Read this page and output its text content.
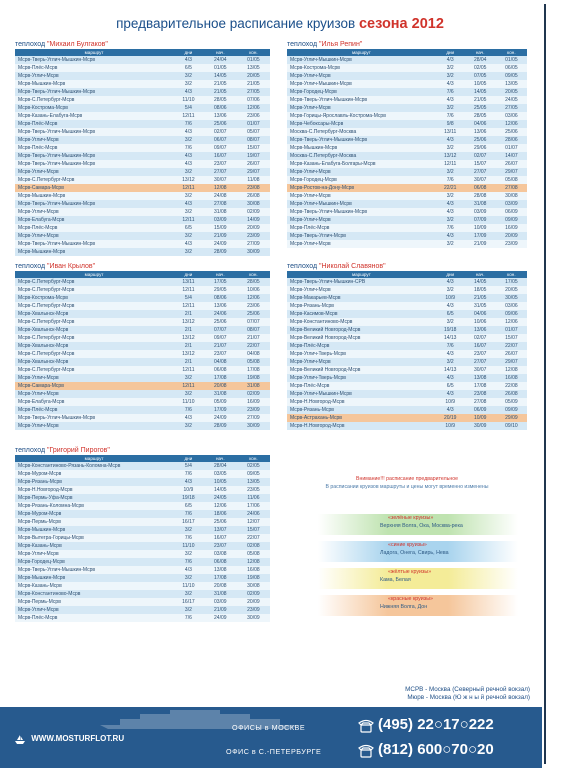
предварительное расписание круизов сезона 2012
теплоход "Михаил Булгаков"
маршрут	дни	нач.	кон.
Мсрв-Тверь-Углич-Мышкин-Мсрв	4/3	24/04	01/05
Мсрв-Плёс-Мсрв	6/5	01/05	13/05
Мсрв-Углич-Мсрв	3/2	14/05	20/05
Мсрв-Мышкин-Мсрв	3/2	21/05	21/05
Мсрв-Тверь-Углич-Мышкин-Мсрв	4/3	21/05	27/05
Мсрв-С.Петербург-Мсрв	11/10	28/05	07/06
Мсрв-Кострома-Мсрв	5/4	08/06	12/06
Мсрв-Казань-Елабуга-Мсрв	12/11	13/06	23/06
Мсрв-Плёс-Мсрв	7/6	25/06	01/07
Мсрв-Тверь-Углич-Мышкин-Мсрв	4/3	02/07	05/07
Мсрв-Углич-Мсрв	3/2	06/07	08/07
Мсрв-Плёс-Мсрв	7/6	09/07	15/07
Мсрв-Тверь-Углич-Мышкин-Мсрв	4/3	16/07	19/07
Мсрв-Тверь-Углич-Мышкин-Мсрв	4/3	23/07	26/07
Мсрв-Углич-Мсрв	3/2	27/07	29/07
Мсрв-С.Петербург-Мсрв	13/12	30/07	11/08
Мсрв-Самара-Мсрв	12/11	12/08	23/08
Мсрв-Мышкин-Мсрв	3/2	24/08	26/08
Мсрв-Тверь-Углич-Мышкин-Мсрв	4/3	27/08	30/08
Мсрв-Углич-Мсрв	3/2	31/08	02/09
Мсрв-Елабуга-Мсрв	12/11	03/09	14/09
Мсрв-Плёс-Мсрв	6/5	15/09	20/09
Мсрв-Углич-Мсрв	3/2	21/09	23/09
Мсрв-Тверь-Углич-Мышкин-Мсрв	4/3	24/09	27/09
Мсрв-Мышкин-Мсрв	3/2	28/09	30/09
теплоход "Илья Репин"
маршрут	дни	нач.	кон.
Мсрв-Углич-Мышкин-Мсрв	4/3	28/04	01/05
Мсрв-Кострома-Мсрв	3/2	02/05	06/05
Мсрв-Углич-Мсрв	3/2	07/05	09/05
Мсрв-Углич-Мышкин-Мсрв	4/3	10/05	13/05
Мсрв-Городец-Мсрв	7/6	14/05	20/05
Мсрв-Тверь-Углич-Мышкин-Мсрв	4/3	21/05	24/05
Мсрв-Углич-Мсрв	3/2	25/05	27/05
Мсрв-Горицы-Ярославль-Кострома-Мсрв	7/6	28/05	03/06
Мсрв-Чебоксары-Мсрв	9/8	04/06	12/06
Москва-С.Петербург-Москва	13/11	13/06	25/06
Мсрв-Тверь-Углич-Мышкин-Мсрв	4/3	25/06	28/06
Мсрв-Мышкин-Мсрв	3/2	29/06	01/07
Москва-С.Петербург-Москва	13/12	02/07	14/07
Мсрв-Казань-Елабуга-Болгары-Мсрв	12/11	15/07	26/07
Мсрв-Углич-Мсрв	3/2	27/07	29/07
Мсрв-Городец-Мсрв	7/6	30/07	05/08
Мсрв-Ростов-на-Дону-Мсрв	22/21	06/08	27/08
Мсрв-Углич-Мсрв	3/2	28/08	30/08
Мсрв-Углич-Мышкин-Мсрв	4/3	31/08	03/09
Мсрв-Тверь-Углич-Мышкин-Мсрв	4/3	03/09	06/09
Мсрв-Углич-Мсрв	3/2	07/09	09/09
Мсрв-Плёс-Мсрв	7/6	10/09	16/09
Мсрв-Тверь-Углич-Мсрв	4/3	17/09	20/09
Мсрв-Углич-Мсрв	3/2	21/09	23/09
теплоход "Иван Крылов"
маршрут	дни	нач.	кон.
Мсрв-С.Петербург-Мсрв	13/11	17/05	28/05
Мсрв-С.Петербург-Мсрв	12/11	29/05	10/06
Мсрв-Кострома-Мсрв	5/4	08/06	12/06
Мсрв-С.Петербург-Мсрв	12/11	13/06	23/06
Мсрв-Хвалынск-Мсрв	2/1	24/06	25/06
Мсрв-С.Петербург-Мсрв	13/12	25/06	07/07
Мсрв-Хвалынск-Мсрв	2/1	07/07	08/07
Мсрв-С.Петербург-Мсрв	13/12	09/07	21/07
Мсрв-Хвалынск-Мсрв	2/1	21/07	22/07
Мсрв-С.Петербург-Мсрв	13/12	23/07	04/08
Мсрв-Хвалынск-Мсрв	2/1	04/08	05/08
Мсрв-С.Петербург-Мсрв	12/11	06/08	17/08
Мсрв-Углич-Мсрв	3/2	17/08	19/08
Мсрв-Самара-Мсрв	12/11	20/08	31/08
Мсрв-Углич-Мсрв	3/2	31/08	02/09
Мсрв-Елабуга-Мсрв	11/10	05/09	16/09
Мсрв-Плёс-Мсрв	7/6	17/09	23/09
Мсрв-Тверь-Углич-Мышкин-Мсрв	4/3	24/09	27/09
Мсрв-Углич-Мсрв	3/2	28/09	30/09
теплоход "Николай Славянов"
маршрут	дни	нач.	кон.
Мсрв-Тверь-Углич-Мышкин-СРВ	4/3	14/05	17/05
Мсрв-Углич-Мсрв	3/2	18/05	20/05
Мсрв-Макарьев-Мсрв	10/9	21/05	30/05
Мсрв-Рязань-Мсрв	4/3	31/05	03/06
Мсрв-Касимов-Мсрв	6/5	04/06	09/06
Мсрв-Константиново-Мсрв	3/2	10/06	12/06
Мсрв-Великий Новгород-Мсрв	19/18	13/06	01/07
Мсрв-Великий Новгород-Мсрв	14/13	02/07	15/07
Мсрв-Плёс-Мсрв	7/6	16/07	22/07
Мсрв-Углич-Тверь-Мсрв	4/3	23/07	26/07
Мсрв-Углич-Мсрв	3/2	27/07	29/07
Мсрв-Великий Новгород-Мсрв	14/13	30/07	12/08
Мсрв-Углич-Тверь-Мсрв	4/3	13/08	16/08
Мсрв-Плёс-Мсрв	6/5	17/08	22/08
Мсрв-Углич-Мышкин-Мсрв	4/3	23/08	26/08
Мсрв-Н.Новгород-Мсрв	10/9	27/08	05/09
Мсрв-Рязань-Мсрв	4/3	06/09	09/09
Мсрв-Астрахань-Мсрв	20/19	10/09	29/09
Мсрв-Н.Новгород-Мсрв	10/9	30/09	09/10
теплоход "Григорий Пирогов"
маршрут	дни	нач.	кон.
Мсрв-Константиново-Рязань-Коломна-Мсрв	5/4	28/04	02/05
Мсрв-Муром-Мсрв	7/6	03/05	09/05
Мсрв-Рязань-Мсрв	4/3	10/05	13/05
Мсрв-Н.Новгород-Мсрв	10/9	14/05	23/05
Мсрв-Пермь-Уфа-Мсрв	19/18	24/05	11/06
Мсрв-Рязань-Коломна-Мсрв	6/5	12/06	17/06
Мсрв-Муром-Мсрв	7/6	18/06	24/06
Мсрв-Пермь-Мсрв	16/17	25/06	12/07
Мсрв-Мышкин-Мсрв	3/2	13/07	15/07
Мсрв-Вытегра-Горицы-Мсрв	7/6	16/07	22/07
Мсрв-Казань-Мсрв	11/10	23/07	02/08
Мсрв-Углич-Мсрв	3/2	03/08	05/08
Мсрв-Городец-Мсрв	7/6	06/08	12/08
Мсрв-Тверь-Углич-Мышкин-Мсрв	4/3	13/08	16/08
Мсрв-Мышкин-Мсрв	3/2	17/08	19/08
Мсрв-Казань-Мсрв	11/10	20/08	30/08
Мсрв-Константиново-Мсрв	3/2	31/08	02/09
Мсрв-Пермь-Мсрв	16/17	03/09	20/09
Мсрв-Углич-Мсрв	3/2	21/09	23/09
Мсрв-Плёс-Мсрв	7/6	24/09	30/09
Внимание!!! расписание предварительное
В расписании круизов маршруты и цены могут временно изменены
«зелёные круизы»
Верхняя Волга, Ока, Москва-река
«синие круизы»
Ладога, Онега, Свирь, Нева
«жёлтые круизы»
Кама, Белая
«красные круизы»
Нижняя Волга, Дон
МСРВ - Москва (Северный речной вокзал)
Мюрв - Москва (Ю ж н ы й речной вокзал)
WWW.MOSTURFLOT.RU
ОФИСЫ в МОСКВЕ
ОФИС в С.-ПЕТЕРБУРГЕ
(495) 22○17○222
(812) 600○70○20
